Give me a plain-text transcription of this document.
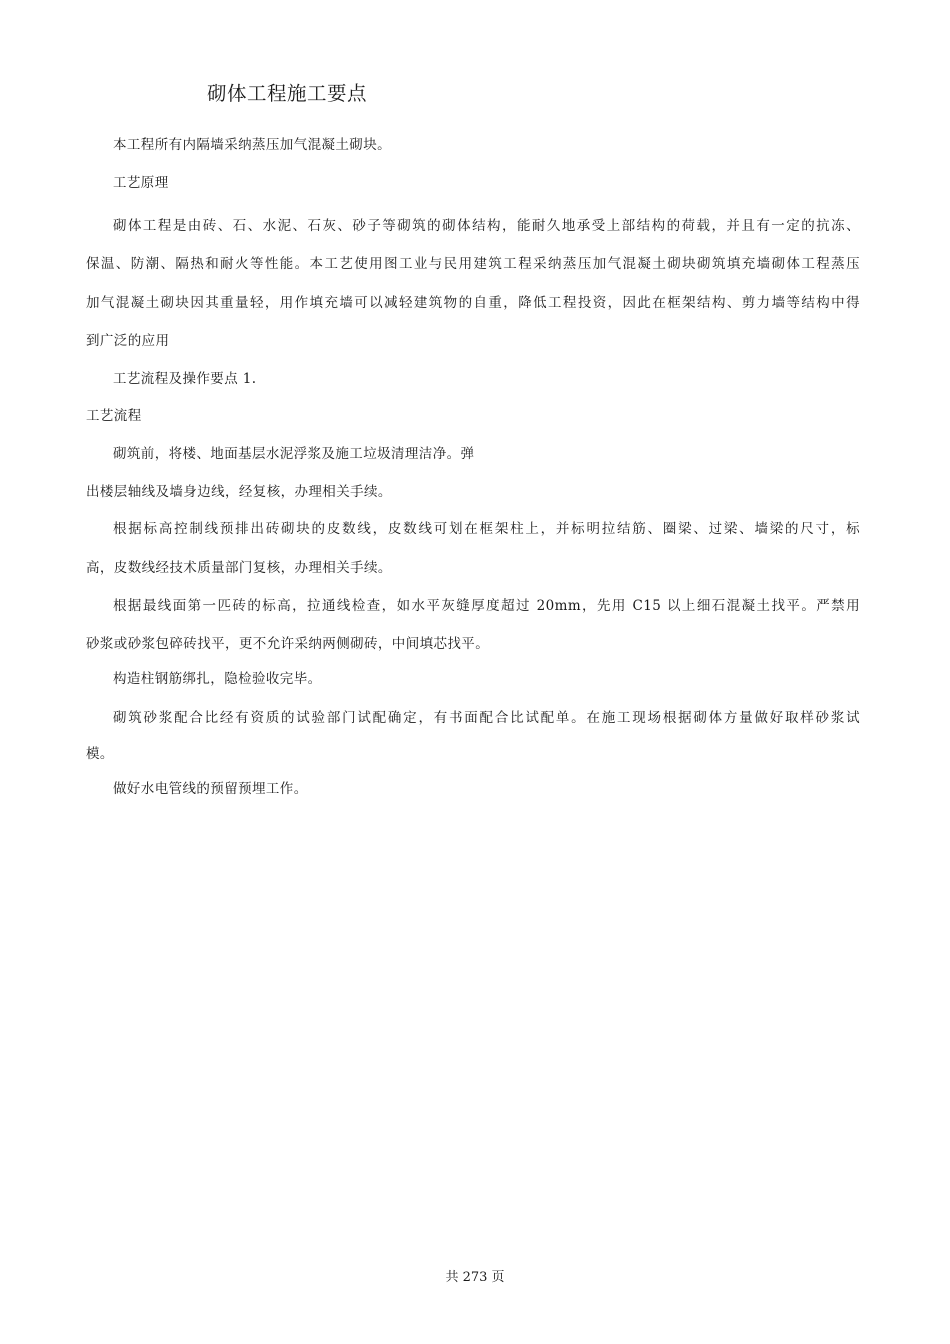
砌体工程施工要点
本工程所有内隔墙采纳蒸压加气混凝土砌块。
工艺原理
砌体工程是由砖、石、水泥、石灰、砂子等砌筑的砌体结构，能耐久地承受上部结构的荷载，并且有一定的抗冻、
保温、防潮、隔热和耐火等性能。本工艺使用图工业与民用建筑工程采纳蒸压加气混凝土砌块砌筑填充墙砌体工程蒸压
加气混凝土砌块因其重量轻，用作填充墙可以减轻建筑物的自重，降低工程投资，因此在框架结构、剪力墙等结构中得
到广泛的应用
工艺流程及操作要点 1.
工艺流程
砌筑前，将楼、地面基层水泥浮浆及施工垃圾清理洁净。弹
出楼层轴线及墙身边线，经复核，办理相关手续。
根据标高控制线预排出砖砌块的皮数线，皮数线可划在框架柱上，并标明拉结筋、圈梁、过梁、墙梁的尺寸，标
高，皮数线经技术质量部门复核，办理相关手续。
根据最线面第一匹砖的标高，拉通线检查，如水平灰缝厚度超过 20mm，先用 C15 以上细石混凝土找平。严禁用
砂浆或砂浆包碎砖找平，更不允许采纳两侧砌砖，中间填芯找平。
构造柱钢筋绑扎，隐检验收完毕。
砌筑砂浆配合比经有资质的试验部门试配确定，有书面配合比试配单。在施工现场根据砌体方量做好取样砂浆试
模。
做好水电管线的预留预埋工作。
共 273 页
